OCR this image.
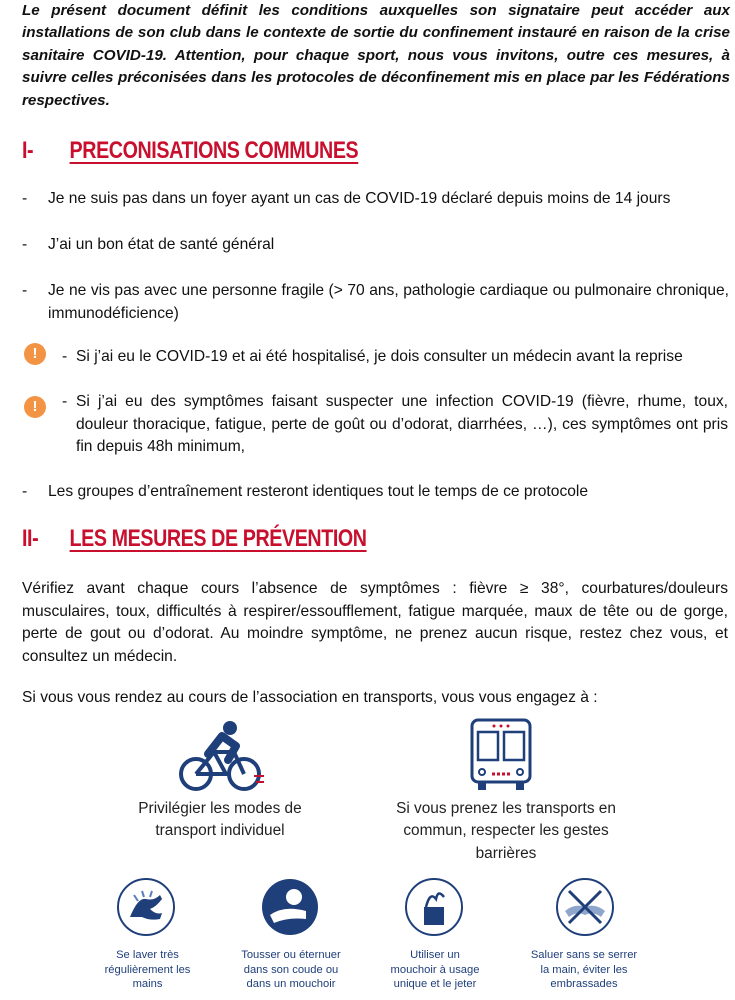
Le présent document définit les conditions auxquelles son signataire peut accéder aux installations de son club dans le contexte de sortie du confinement instauré en raison de la crise sanitaire COVID-19. Attention, pour chaque sport, nous vous invitons, outre ces mesures, à suivre celles préconisées dans les protocoles de déconfinement mis en place par les Fédérations respectives.
I- PRECONISATIONS COMMUNES
- Je ne suis pas dans un foyer ayant un cas de COVID-19 déclaré depuis moins de 14 jours
- J’ai un bon état de santé général
- Je ne vis pas avec une personne fragile (> 70 ans, pathologie cardiaque ou pulmonaire chronique, immunodéficience)
!	- Si j’ai eu le COVID-19 et ai été hospitalisé, je dois consulter un médecin avant la reprise
!	- Si j’ai eu des symptômes faisant suspecter une infection COVID-19 (fièvre, rhume, toux, douleur thoracique, fatigue, perte de goût ou d’odorat, diarrhées, …), ces symptômes ont pris fin depuis 48h minimum,
- Les groupes d’entraînement resteront identiques tout le temps de ce protocole
II- LES MESURES DE PRÉVENTION
Vérifiez avant chaque cours l’absence de symptômes : fièvre ≥ 38°, courbatures/douleurs musculaires, toux, difficultés à respirer/essoufflement, fatigue marquée, maux de tête ou de gorge, perte de gout ou d’odorat. Au moindre symptôme, ne prenez aucun risque, restez chez vous, et consultez un médecin.
Si vous vous rendez au cours de l’association en transports, vous vous engagez à :
Privilégier les modes de transport individuel
Si vous prenez les transports en commun, respecter les gestes barrières
Se laver très régulièrement les mains
Tousser ou éternuer dans son coude ou dans un mouchoir
Utiliser un mouchoir à usage unique et le jeter
Saluer sans se serrer la main, éviter les embrassades
